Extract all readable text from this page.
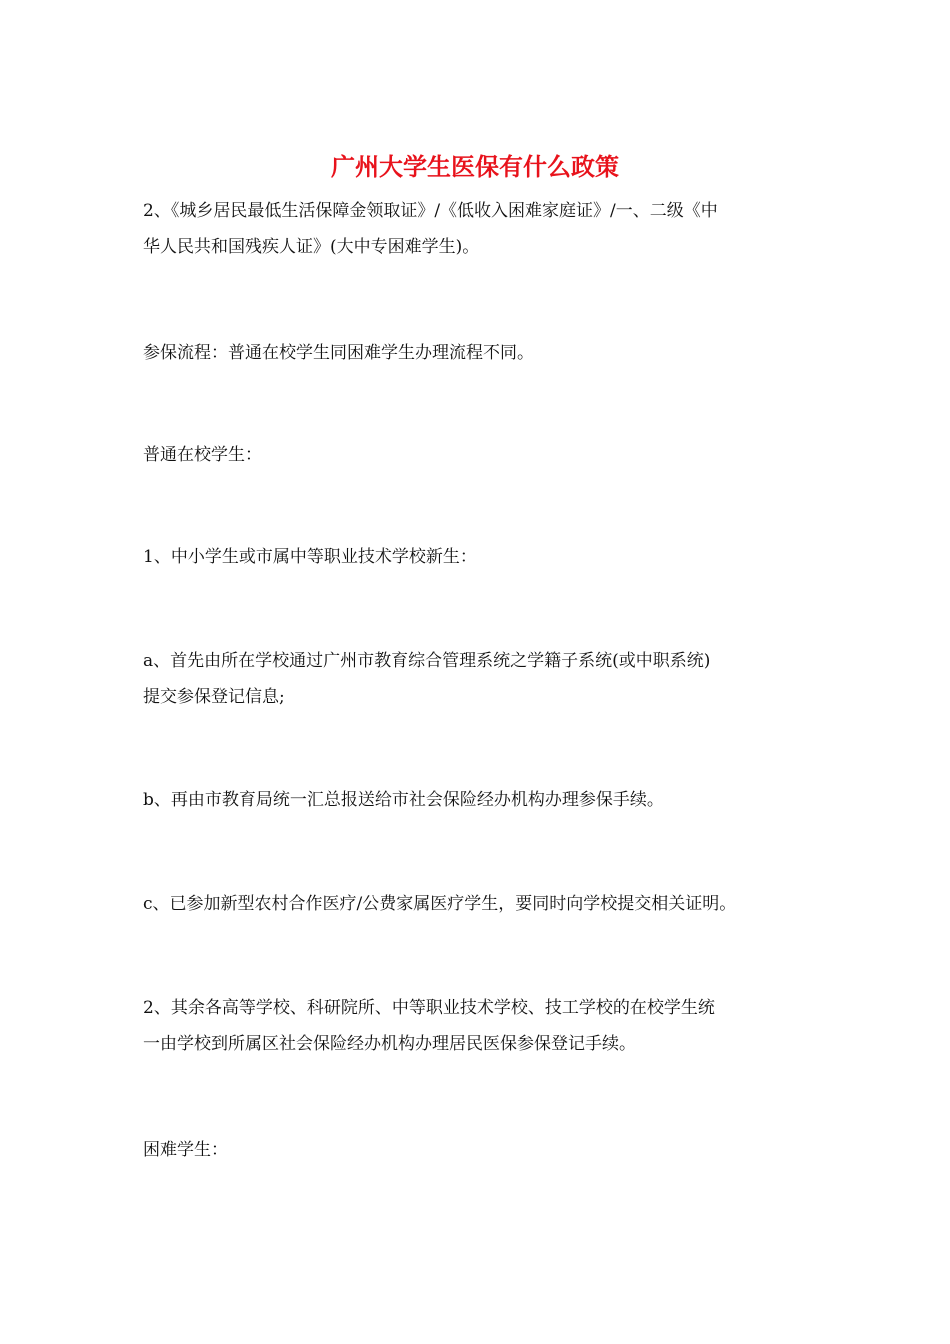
广州大学生医保有什么政策

2、《城乡居民最低生活保障金领取证》/《低收入困难家庭证》/一、二级《中
华人民共和国残疾人证》(大中专困难学生)。

参保流程：普通在校学生同困难学生办理流程不同。

普通在校学生：

1、中小学生或市属中等职业技术学校新生：

a、首先由所在学校通过广州市教育综合管理系统之学籍子系统(或中职系统)
提交参保登记信息;

b、再由市教育局统一汇总报送给市社会保险经办机构办理参保手续。

c、已参加新型农村合作医疗/公费家属医疗学生，要同时向学校提交相关证明。

2、其余各高等学校、科研院所、中等职业技术学校、技工学校的在校学生统
一由学校到所属区社会保险经办机构办理居民医保参保登记手续。

困难学生：
